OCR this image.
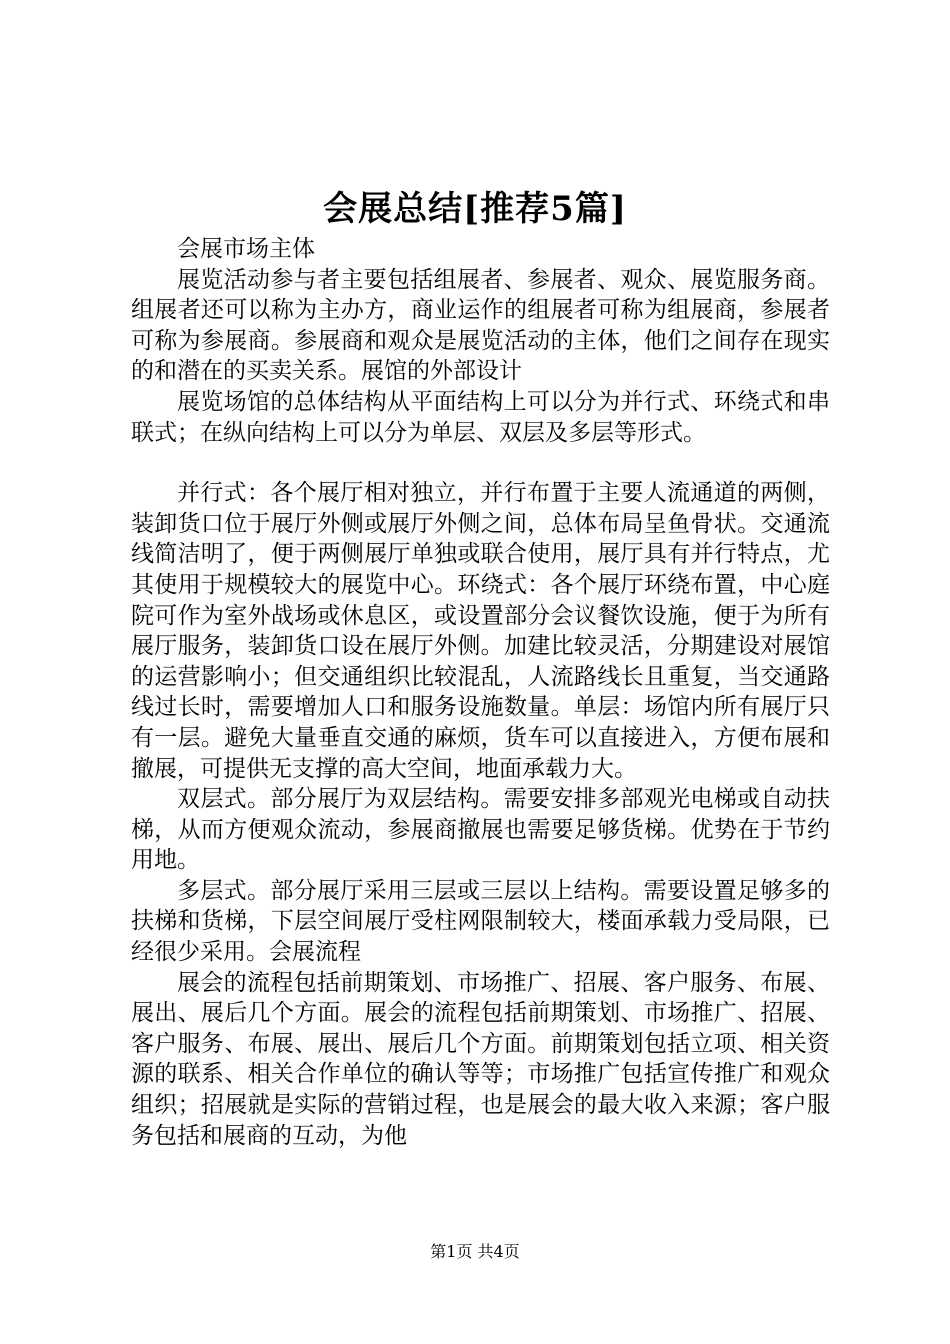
会展总结[推荐5篇]

会展市场主体

展览活动参与者主要包括组展者、参展者、观众、展览服务商。组展者还可以称为主办方，商业运作的组展者可称为组展商，参展者可称为参展商。参展商和观众是展览活动的主体，他们之间存在现实的和潜在的买卖关系。展馆的外部设计

展览场馆的总体结构从平面结构上可以分为并行式、环绕式和串联式；在纵向结构上可以分为单层、双层及多层等形式。

并行式：各个展厅相对独立，并行布置于主要人流通道的两侧，装卸货口位于展厅外侧或展厅外侧之间，总体布局呈鱼骨状。交通流线简洁明了，便于两侧展厅单独或联合使用，展厅具有并行特点，尤其使用于规模较大的展览中心。环绕式：各个展厅环绕布置，中心庭院可作为室外战场或休息区，或设置部分会议餐饮设施，便于为所有展厅服务，装卸货口设在展厅外侧。加建比较灵活，分期建设对展馆的运营影响小；但交通组织比较混乱，人流路线长且重复，当交通路线过长时，需要增加人口和服务设施数量。单层：场馆内所有展厅只有一层。避免大量垂直交通的麻烦，货车可以直接进入，方便布展和撤展，可提供无支撑的高大空间，地面承载力大。

双层式。部分展厅为双层结构。需要安排多部观光电梯或自动扶梯，从而方便观众流动，参展商撤展也需要足够货梯。优势在于节约用地。

多层式。部分展厅采用三层或三层以上结构。需要设置足够多的扶梯和货梯，下层空间展厅受柱网限制较大，楼面承载力受局限，已经很少采用。会展流程

展会的流程包括前期策划、市场推广、招展、客户服务、布展、展出、展后几个方面。展会的流程包括前期策划、市场推广、招展、客户服务、布展、展出、展后几个方面。前期策划包括立项、相关资源的联系、相关合作单位的确认等等；市场推广包括宣传推广和观众组织；招展就是实际的营销过程，也是展会的最大收入来源；客户服务包括和展商的互动，为他

第1页 共4页
